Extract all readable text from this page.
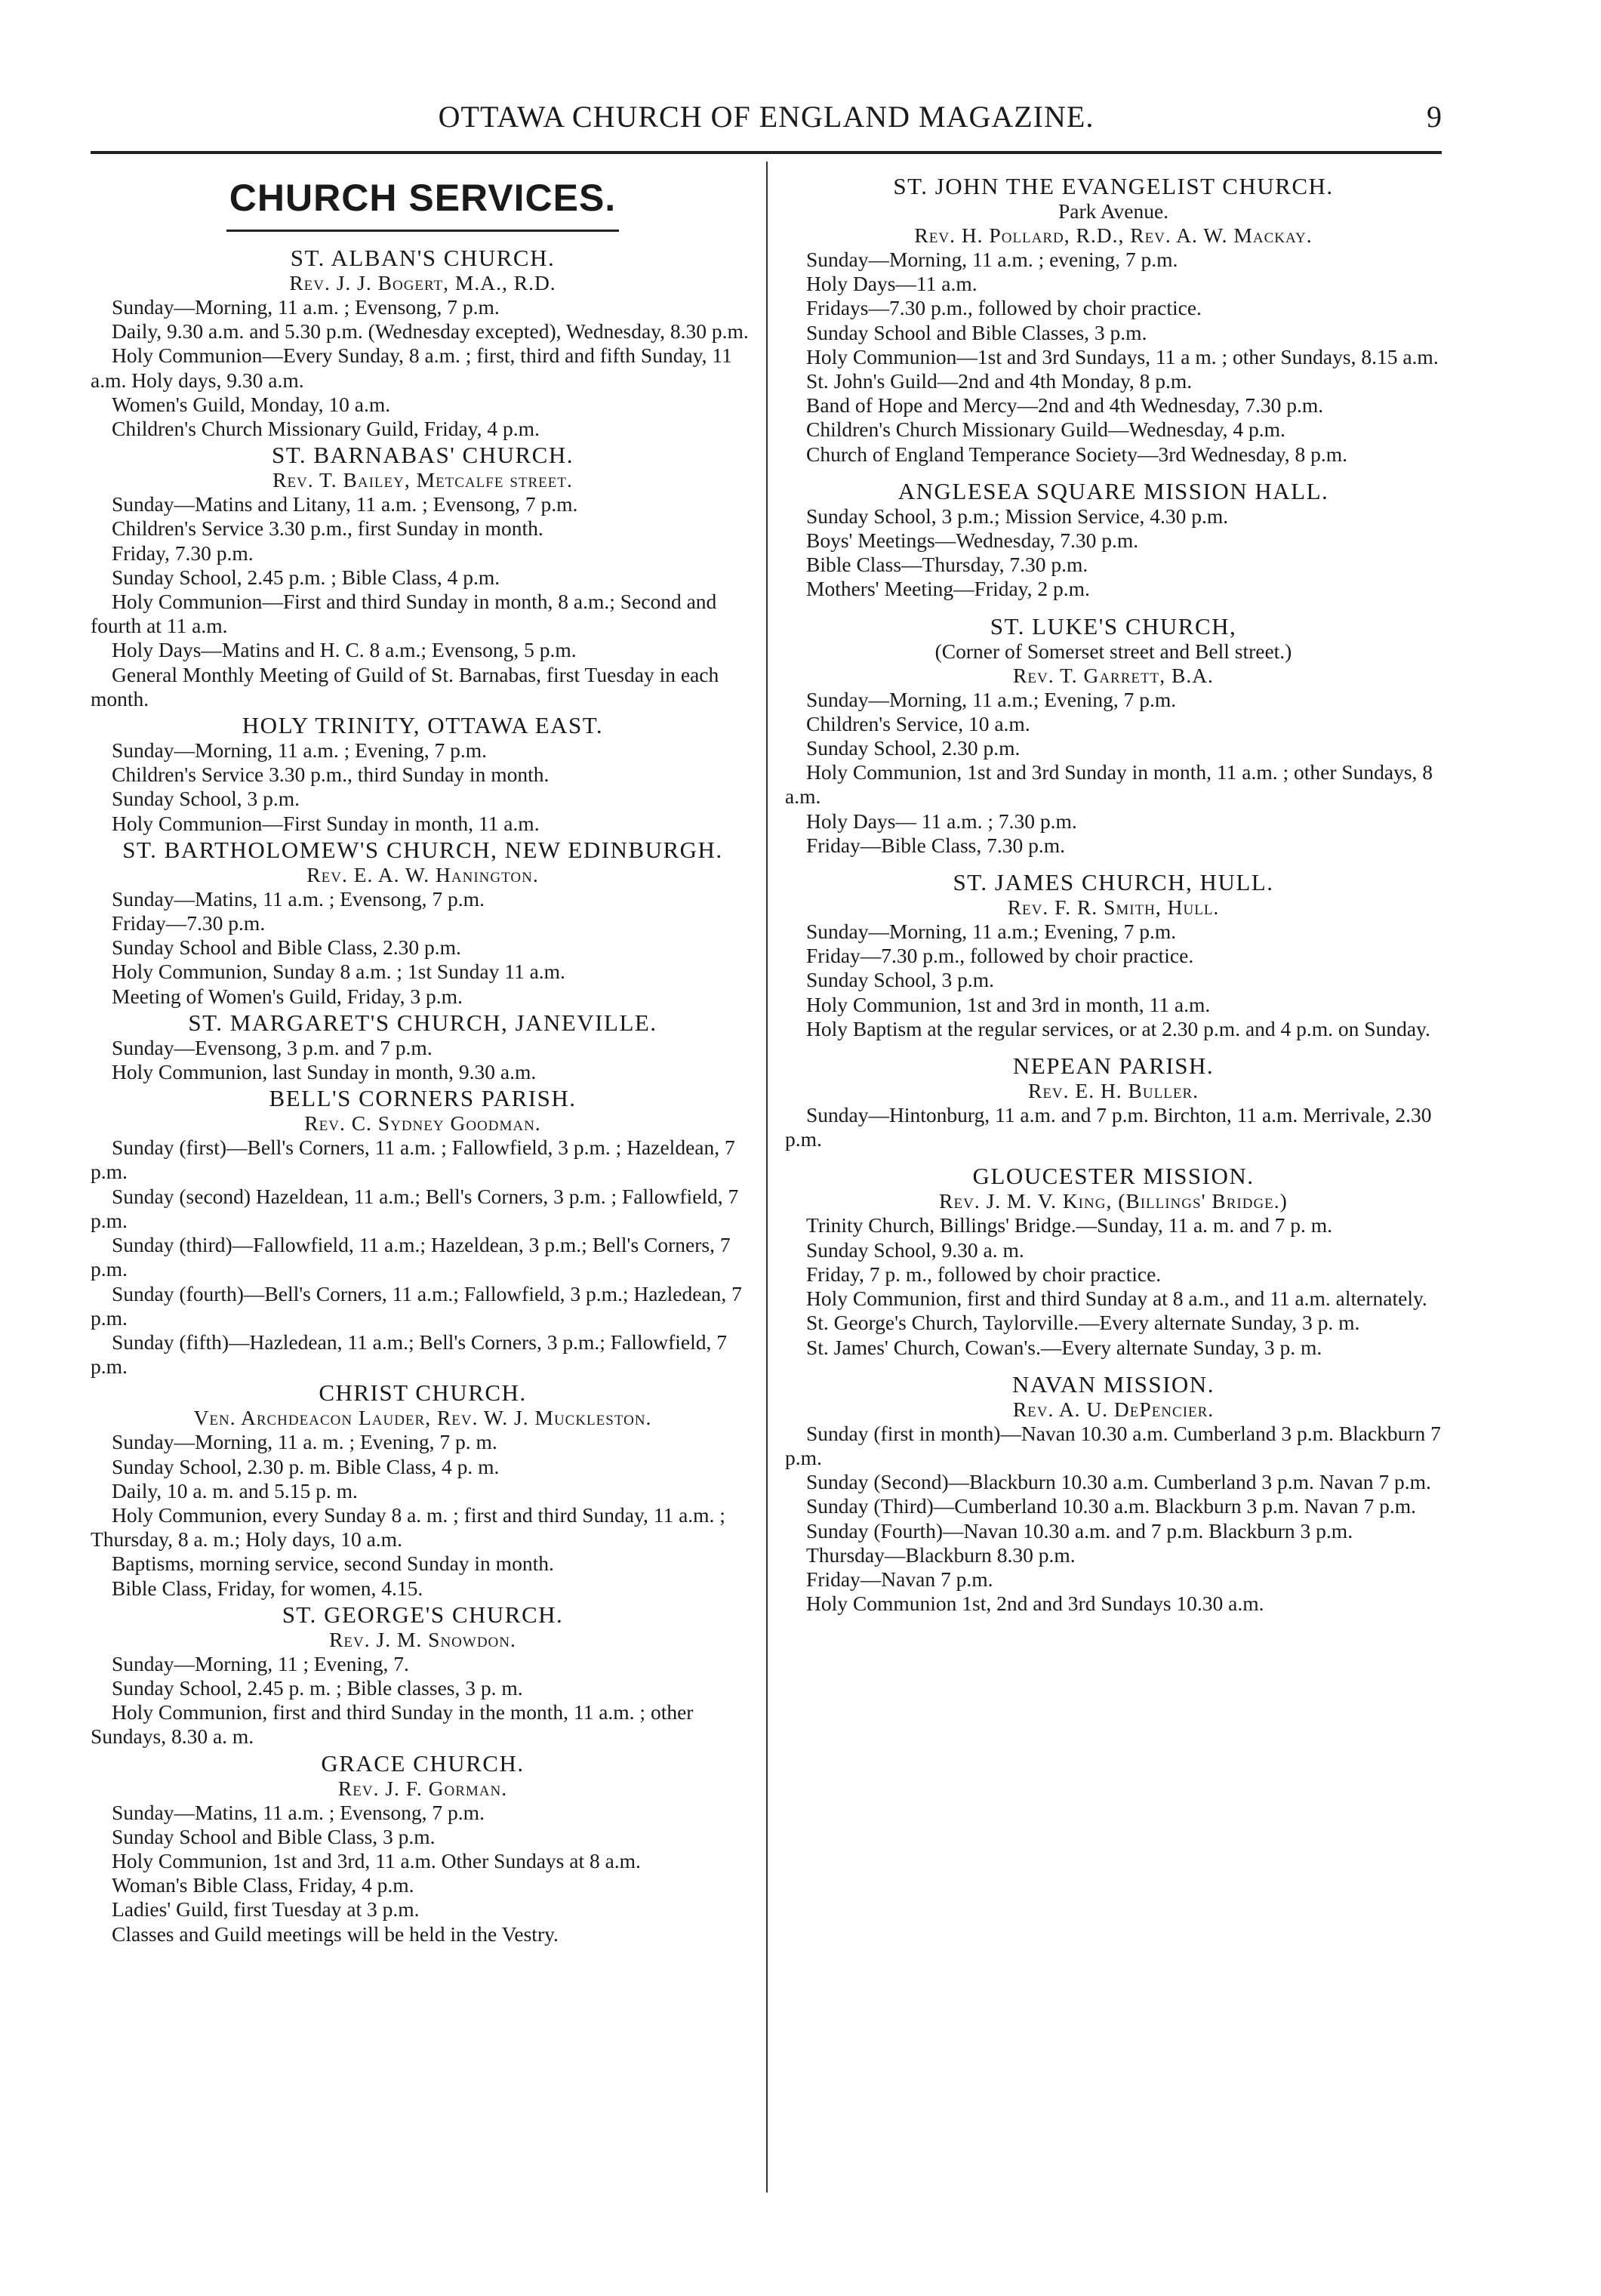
OTTAWA CHURCH OF ENGLAND MAGAZINE.	9
CHURCH SERVICES.
ST. ALBAN'S CHURCH.
Rev. J. J. Bogert, M.A., R.D.
Sunday—Morning, 11 a.m. ; Evensong, 7 p.m.
Daily, 9.30 a.m. and 5.30 p.m. (Wednesday excepted), Wednesday, 8.30 p.m.
Holy Communion—Every Sunday, 8 a.m. ; first, third and fifth Sunday, 11 a.m. Holy days, 9.30 a.m.
Women's Guild, Monday, 10 a.m.
Children's Church Missionary Guild, Friday, 4 p.m.
ST. BARNABAS' CHURCH.
Rev. T. Bailey, Metcalfe street.
Sunday—Matins and Litany, 11 a.m. ; Evensong, 7 p.m.
Children's Service 3.30 p.m., first Sunday in month.
Friday, 7.30 p.m.
Sunday School, 2.45 p.m. ; Bible Class, 4 p.m.
Holy Communion—First and third Sunday in month, 8 a.m.; Second and fourth at 11 a.m.
Holy Days—Matins and H. C. 8 a.m.; Evensong, 5 p.m.
General Monthly Meeting of Guild of St. Barnabas, first Tuesday in each month.
HOLY TRINITY, OTTAWA EAST.
Sunday—Morning, 11 a.m. ; Evening, 7 p.m.
Children's Service 3.30 p.m., third Sunday in month.
Sunday School, 3 p.m.
Holy Communion—First Sunday in month, 11 a.m.
ST. BARTHOLOMEW'S CHURCH, NEW EDINBURGH.
Rev. E. A. W. Hanington.
Sunday—Matins, 11 a.m. ; Evensong, 7 p.m.
Friday—7.30 p.m.
Sunday School and Bible Class, 2.30 p.m.
Holy Communion, Sunday 8 a.m. ; 1st Sunday 11 a.m.
Meeting of Women's Guild, Friday, 3 p.m.
ST. MARGARET'S CHURCH, JANEVILLE.
Sunday—Evensong, 3 p.m. and 7 p.m.
Holy Communion, last Sunday in month, 9.30 a.m.
BELL'S CORNERS PARISH.
Rev. C. Sydney Goodman.
Sunday (first)—Bell's Corners, 11 a.m. ; Fallowfield, 3 p.m. ; Hazeldean, 7 p.m.
Sunday (second) Hazeldean, 11 a.m.; Bell's Corners, 3 p.m. ; Fallowfield, 7 p.m.
Sunday (third)—Fallowfield, 11 a.m.; Hazeldean, 3 p.m.; Bell's Corners, 7 p.m.
Sunday (fourth)—Bell's Corners, 11 a.m.; Fallowfield, 3 p.m.; Hazledean, 7 p.m.
Sunday (fifth)—Hazledean, 11 a.m.; Bell's Corners, 3 p.m.; Fallowfield, 7 p.m.
CHRIST CHURCH.
Ven. Archdeacon Lauder, Rev. W. J. Muckleston.
Sunday—Morning, 11 a. m. ; Evening, 7 p. m.
Sunday School, 2.30 p. m. Bible Class, 4 p. m.
Daily, 10 a. m. and 5.15 p. m.
Holy Communion, every Sunday 8 a. m. ; first and third Sunday, 11 a.m. ; Thursday, 8 a. m.; Holy days, 10 a.m.
Baptisms, morning service, second Sunday in month.
Bible Class, Friday, for women, 4.15.
ST. GEORGE'S CHURCH.
Rev. J. M. Snowdon.
Sunday—Morning, 11 ; Evening, 7.
Sunday School, 2.45 p. m. ; Bible classes, 3 p. m.
Holy Communion, first and third Sunday in the month, 11 a.m. ; other Sundays, 8.30 a. m.
GRACE CHURCH.
Rev. J. F. Gorman.
Sunday—Matins, 11 a.m. ; Evensong, 7 p.m.
Sunday School and Bible Class, 3 p.m.
Holy Communion, 1st and 3rd, 11 a.m. Other Sundays at 8 a.m.
Woman's Bible Class, Friday, 4 p.m.
Ladies' Guild, first Tuesday at 3 p.m.
Classes and Guild meetings will be held in the Vestry.
ST. JOHN THE EVANGELIST CHURCH.
Park Avenue.
Rev. H. Pollard, R.D., Rev. A. W. Mackay.
Sunday—Morning, 11 a.m. ; evening, 7 p.m.
Holy Days—11 a.m.
Fridays—7.30 p.m., followed by choir practice.
Sunday School and Bible Classes, 3 p.m.
Holy Communion—1st and 3rd Sundays, 11 a m. ; other Sundays, 8.15 a.m.
St. John's Guild—2nd and 4th Monday, 8 p.m.
Band of Hope and Mercy—2nd and 4th Wednesday, 7.30 p.m.
Children's Church Missionary Guild—Wednesday, 4 p.m.
Church of England Temperance Society—3rd Wednesday, 8 p.m.
ANGLESEA SQUARE MISSION HALL.
Sunday School, 3 p.m.; Mission Service, 4.30 p.m.
Boys' Meetings—Wednesday, 7.30 p.m.
Bible Class—Thursday, 7.30 p.m.
Mothers' Meeting—Friday, 2 p.m.
ST. LUKE'S CHURCH,
(Corner of Somerset street and Bell street.)
Rev. T. Garrett, B.A.
Sunday—Morning, 11 a.m.; Evening, 7 p.m.
Children's Service, 10 a.m.
Sunday School, 2.30 p.m.
Holy Communion, 1st and 3rd Sunday in month, 11 a.m. ; other Sundays, 8 a.m.
Holy Days— 11 a.m. ; 7.30 p.m.
Friday—Bible Class, 7.30 p.m.
ST. JAMES CHURCH, HULL.
Rev. F. R. Smith, Hull.
Sunday—Morning, 11 a.m.; Evening, 7 p.m.
Friday—7.30 p.m., followed by choir practice.
Sunday School, 3 p.m.
Holy Communion, 1st and 3rd in month, 11 a.m.
Holy Baptism at the regular services, or at 2.30 p.m. and 4 p.m. on Sunday.
NEPEAN PARISH.
Rev. E. H. Buller.
Sunday—Hintonburg, 11 a.m. and 7 p.m. Birchton, 11 a.m. Merrivale, 2.30 p.m.
GLOUCESTER MISSION.
Rev. J. M. V. King, (Billings' Bridge.)
Trinity Church, Billings' Bridge.—Sunday, 11 a. m. and 7 p. m.
Sunday School, 9.30 a. m.
Friday, 7 p. m., followed by choir practice.
Holy Communion, first and third Sunday at 8 a.m., and 11 a.m. alternately.
St. George's Church, Taylorville.—Every alternate Sunday, 3 p. m.
St. James' Church, Cowan's.—Every alternate Sunday, 3 p. m.
NAVAN MISSION.
Rev. A. U. DePencier.
Sunday (first in month)—Navan 10.30 a.m. Cumberland 3 p.m. Blackburn 7 p.m.
Sunday (Second)—Blackburn 10.30 a.m. Cumberland 3 p.m. Navan 7 p.m.
Sunday (Third)—Cumberland 10.30 a.m. Blackburn 3 p.m. Navan 7 p.m.
Sunday (Fourth)—Navan 10.30 a.m. and 7 p.m. Blackburn 3 p.m.
Thursday—Blackburn 8.30 p.m.
Friday—Navan 7 p.m.
Holy Communion 1st, 2nd and 3rd Sundays 10.30 a.m.
